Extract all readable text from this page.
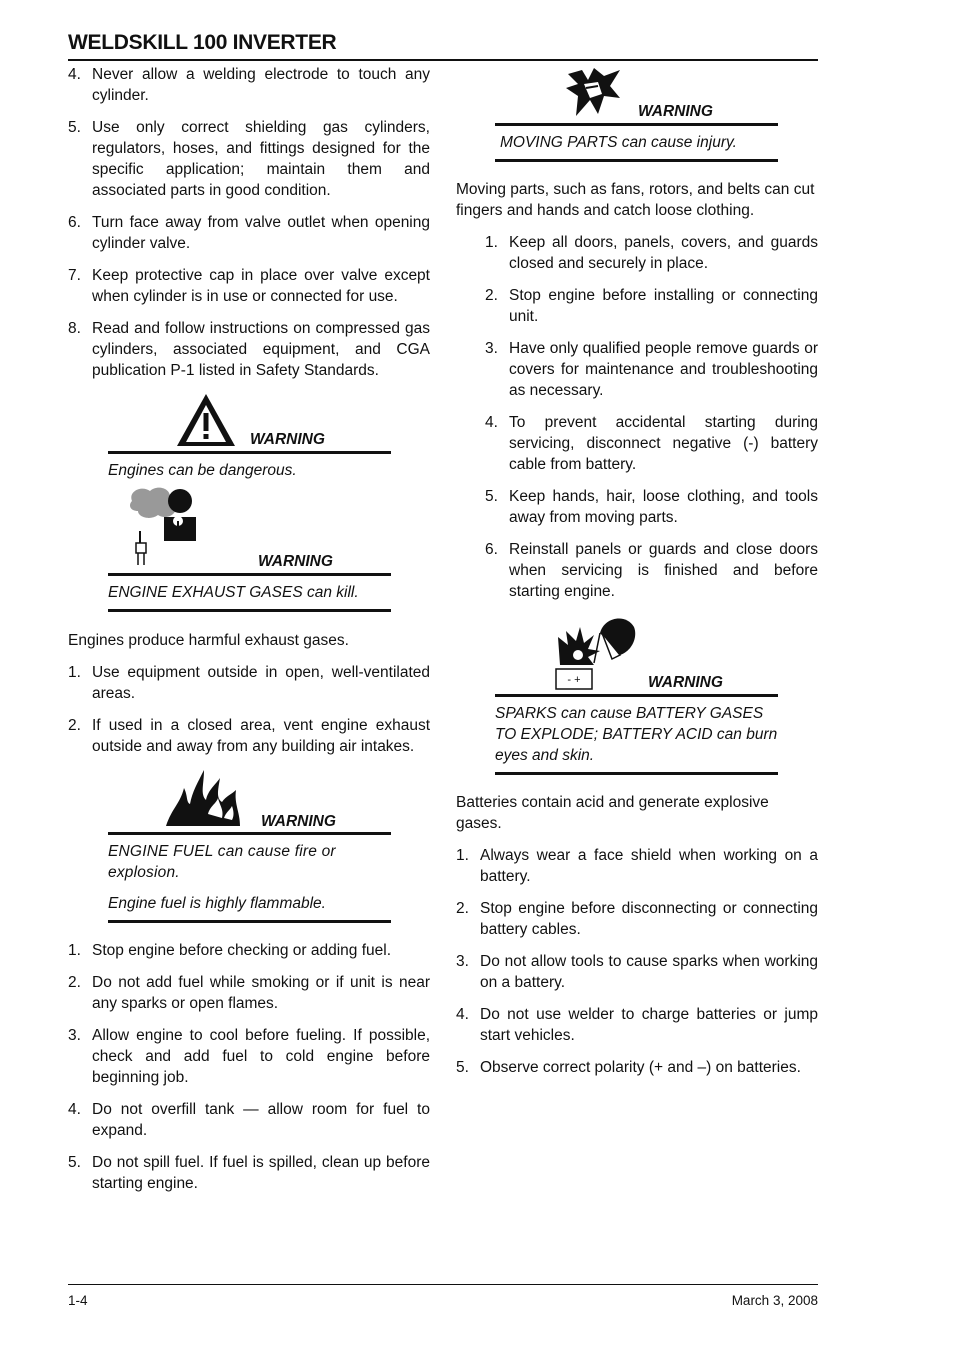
WELDSKILL 100 INVERTER
4. Never allow a welding electrode to touch any cylinder.
5. Use only correct shielding gas cylinders, regulators, hoses, and fittings designed for the specific application; maintain them and associated parts in good condition.
6. Turn face away from valve outlet when opening cylinder valve.
7. Keep protective cap in place over valve except when cylinder is in use or connected for use.
8. Read and follow instructions on compressed gas cylinders, associated equipment, and CGA publication P-1 listed in Safety Standards.
WARNING
Engines can be dangerous.
WARNING
ENGINE EXHAUST GASES can kill.

Engines produce harmful exhaust gases.

1. Use equipment outside in open, well-ventilated areas.
2. If used in a closed area, vent engine exhaust outside and away from any building air intakes.
WARNING
ENGINE FUEL can cause fire or explosion.
Engine fuel is highly flammable.
1. Stop engine before checking or adding fuel.
2. Do not add fuel while smoking or if unit is near any sparks or open flames.
3. Allow engine to cool before fueling. If possible, check and add fuel to cold engine before beginning job.
4. Do not overfill tank — allow room for fuel to expand.
5. Do not spill fuel. If fuel is spilled, clean up before starting engine.
WARNING
MOVING PARTS can cause injury.

Moving parts, such as fans, rotors, and belts can cut fingers and hands and catch loose clothing.

1. Keep all doors, panels, covers, and guards closed and securely in place.
2. Stop engine before installing or connecting unit.
3. Have only qualified people remove guards or covers for maintenance and troubleshooting as necessary.
4. To prevent accidental starting during servicing, disconnect negative (-) battery cable from battery.
5. Keep hands, hair, loose clothing, and tools away from moving parts.
6. Reinstall panels or guards and close doors when servicing is finished and before starting engine.
- +	WARNING
SPARKS can cause BATTERY GASES TO EXPLODE; BATTERY ACID can burn eyes and skin.

Batteries contain acid and generate explosive gases.

1. Always wear a face shield when working on a battery.
2. Stop engine before disconnecting or connecting battery cables.
3. Do not allow tools to cause sparks when working on a battery.
4. Do not use welder to charge batteries or jump start vehicles.
5. Observe correct polarity (+ and –) on batteries.
1-4	March 3, 2008
